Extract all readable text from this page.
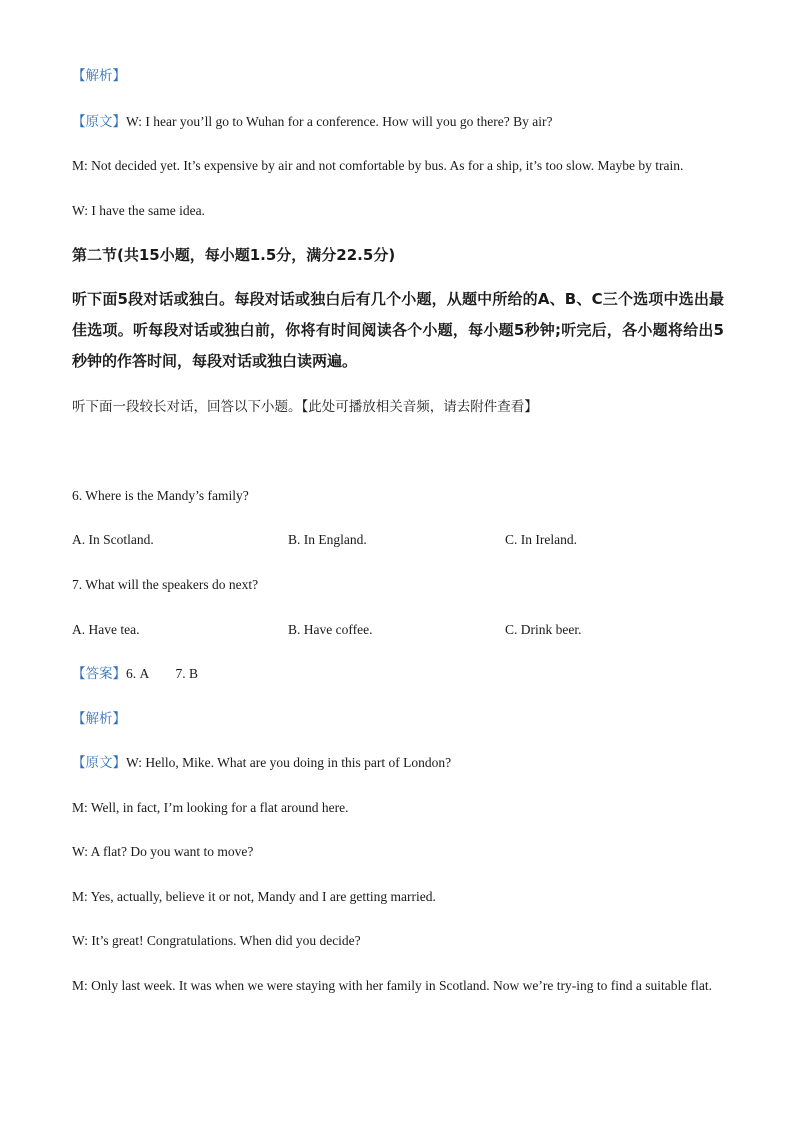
【解析】
【原文】W: I hear you’ll go to Wuhan for a conference. How will you go there? By air?
M: Not decided yet. It’s expensive by air and not comfortable by bus. As for a ship, it’s too slow. Maybe by train.
W: I have the same idea.
第二节(共15小题，每小题1.5分，满分22.5分)
听下面5段对话或独白。每段对话或独白后有几个小题，从题中所给的A、B、C三个选项中选出最佳选项。听每段对话或独白前，你将有时间阅读各个小题，每小题5秒钟;听完后，各小题将给出5秒钟的作答时间，每段对话或独白读两遍。
听下面一段较长对话，回答以下小题。【此处可播放相关音频，请去附件查看】
6. Where is the Mandy’s family?
A. In Scotland.	B. In England.	C. In Ireland.
7. What will the speakers do next?
A. Have tea.	B. Have coffee.	C. Drink beer.
【答案】6. A　　7. B
【解析】
【原文】W: Hello, Mike. What are you doing in this part of London?
M: Well, in fact, I’m looking for a flat around here.
W: A flat? Do you want to move?
M: Yes, actually, believe it or not, Mandy and I are getting married.
W: It’s great! Congratulations. When did you decide?
M: Only last week. It was when we were staying with her family in Scotland. Now we’re try-ing to find a suitable flat.
